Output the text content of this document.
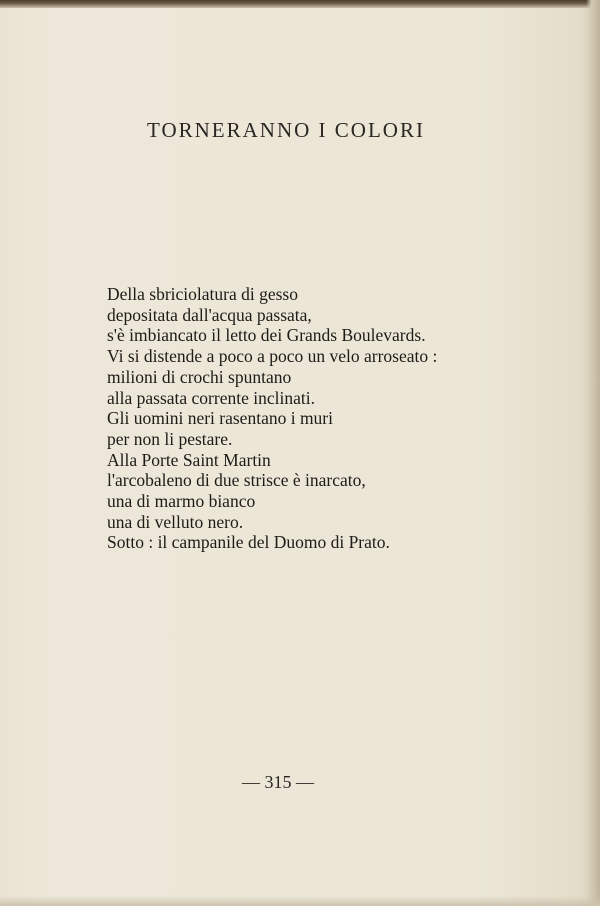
TORNERANNO I COLORI
Della sbriciolatura di gesso
depositata dall'acqua passata,
s'è imbiancato il letto dei Grands Boulevards.
Vi si distende a poco a poco un velo arroseato :
milioni di crochi spuntano
alla passata corrente inclinati.
Gli uomini neri rasentano i muri
per non li pestare.
Alla Porte Saint Martin
l'arcobaleno di due strisce è inarcato,
una di marmo bianco
una di velluto nero.
Sotto : il campanile del Duomo di Prato.
— 315 —
